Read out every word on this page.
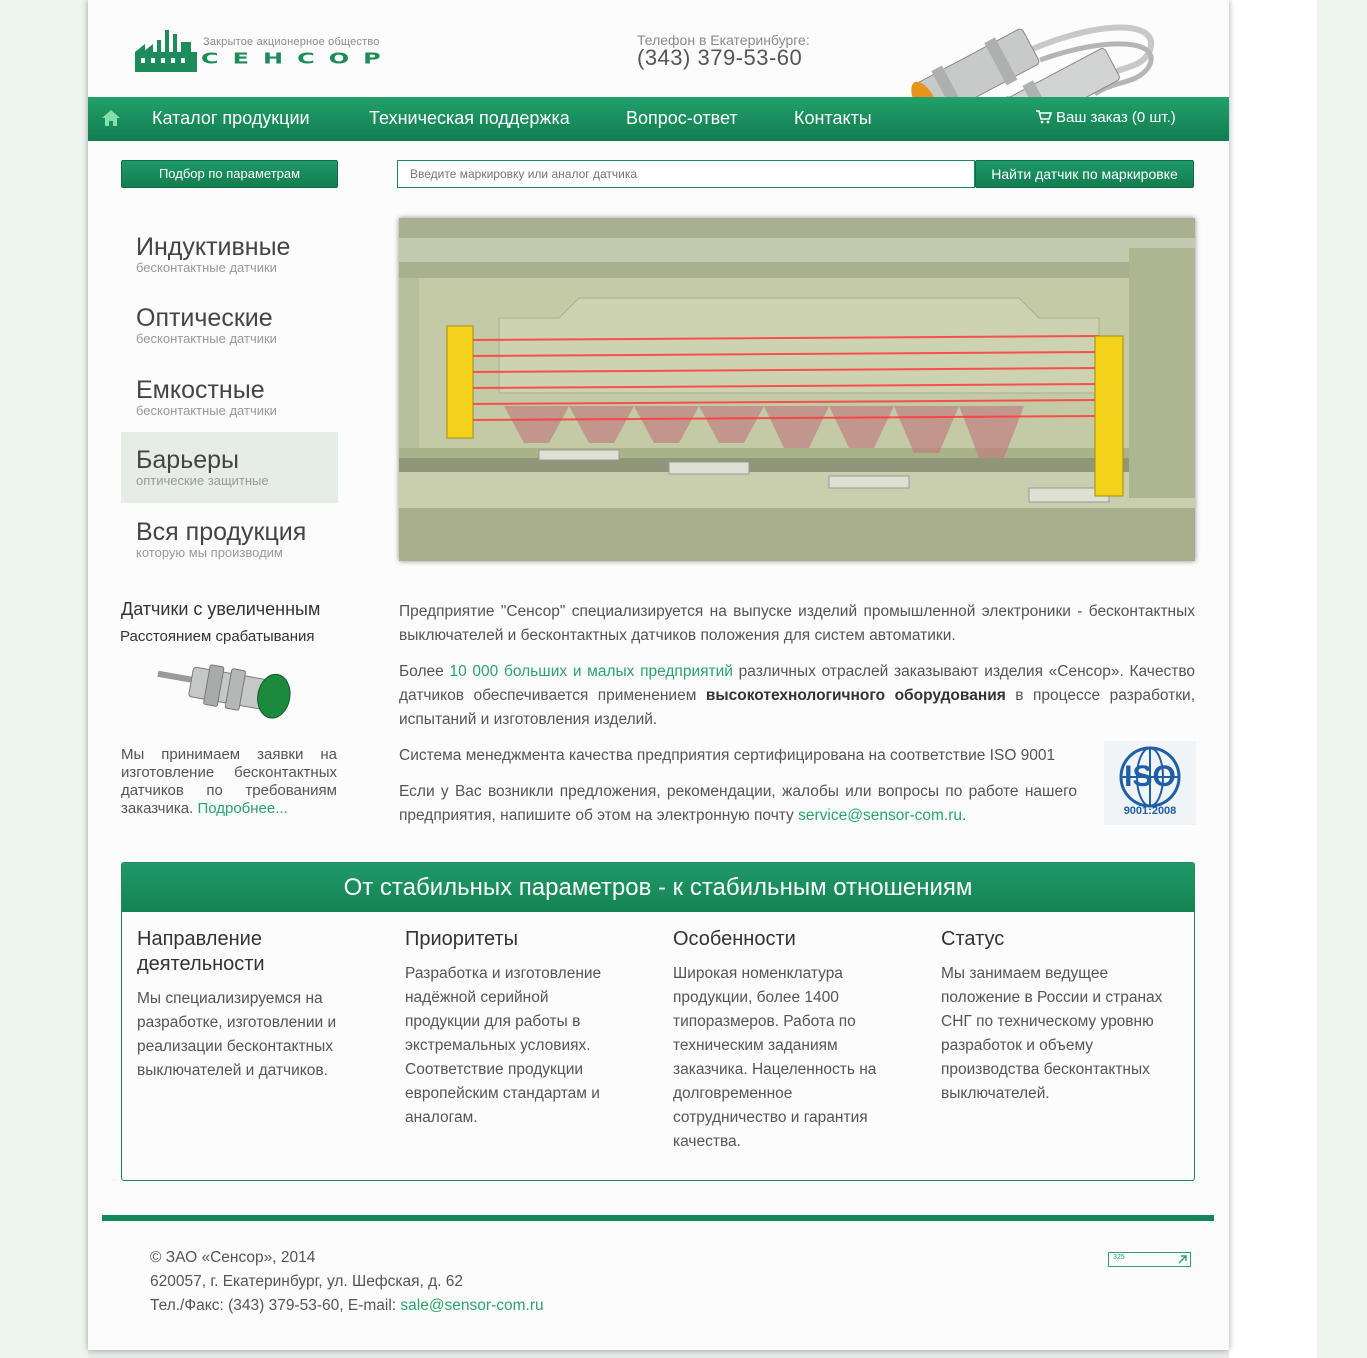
Закрытое акционерное общество
СЕНСОР
Телефон в Екатеринбурге:
(343) 379-53-60
Каталог продукции	Техническая поддержка	Вопрос-ответ	Контакты	Ваш заказ (0 шт.)
Подбор по параметрам
Введите маркировку или аналог датчика	Найти датчик по маркировке
Индуктивные
бесконтактные датчики
Оптические
бесконтактные датчики
Емкостные
бесконтактные датчики
Барьеры
оптические защитные
Вся продукция
которую мы производим
Датчики с увеличенным
Расстоянием срабатывания
Мы принимаем заявки на изготовление бесконтактных датчиков по требованиям заказчика. Подробнее...

Предприятие "Сенсор" специализируется на выпуске изделий промышленной электроники - бесконтактных выключателей и бесконтактных датчиков положения для систем автоматики.

Более 10 000 больших и малых предприятий различных отраслей заказывают изделия «Сенсор». Качество датчиков обеспечивается применением высокотехнологичного оборудования в процессе разработки, испытаний и изготовления изделий.

Система менеджмента качества предприятия сертифицирована на соответствие ISO 9001

Если у Вас возникли предложения, рекомендации, жалобы или вопросы по работе нашего предприятия, напишите об этом на электронную почту service@sensor-com.ru.

ISO
9001:2008
От стабильных параметров - к стабильным отношениям
Направление деятельности
Мы специализируемся на разработке, изготовлении и реализации бесконтактных выключателей и датчиков.
Приоритеты
Разработка и изготовление надёжной серийной продукции для работы в экстремальных условиях. Соответствие продукции европейским стандартам и аналогам.
Особенности
Широкая номенклатура продукции, более 1400 типоразмеров. Работа по техническим заданиям заказчика. Нацеленность на долговременное сотрудничество и гарантия качества.
Статус
Мы занимаем ведущее положение в России и странах СНГ по техническому уровню разработок и объему производства бесконтактных выключателей.
© ЗАО «Сенсор», 2014
620057, г. Екатеринбург, ул. Шефская, д. 62
Тел./Факс: (343) 379-53-60, E-mail: sale@sensor-com.ru
325
